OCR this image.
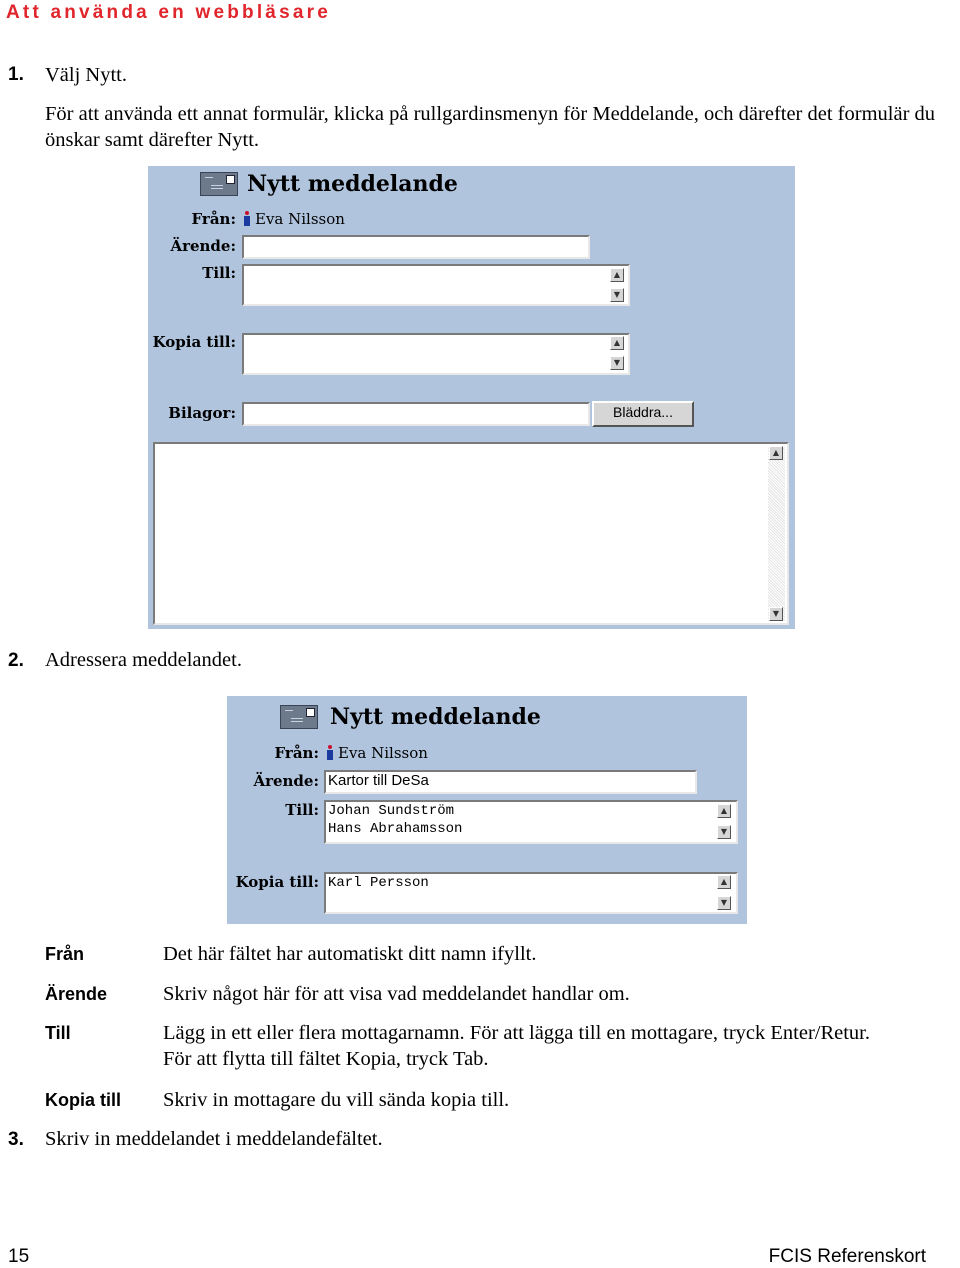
Att använda en webbläsare
1. Välj Nytt.
För att använda ett annat formulär, klicka på rullgardinsmenyn för Meddelande, och därefter det formulär du önskar samt därefter Nytt.
Nytt meddelande
Från:	Eva Nilsson
Ärende:
Till:	▲
▼
Kopia till:	▲
▼
Bilagor:	Bläddra...
▲
▼
2. Adressera meddelandet.
Nytt meddelande
Från:	Eva Nilsson
Ärende: Kartor till DeSa
Till: Johan Sundström
Hans Abrahamsson
▲
▼
Kopia till: Karl Persson	▲
▼
Från	Det här fältet har automatiskt ditt namn ifyllt.
Ärende	Skriv något här för att visa vad meddelandet handlar om.
Till	Lägg in ett eller flera mottagarnamn. För att lägga till en mottagare, tryck Enter/Retur.
För att flytta till fältet Kopia, tryck Tab.
Kopia till Skriv in mottagare du vill sända kopia till.
3. Skriv in meddelandet i meddelandefältet.
15	FCIS Referenskort
